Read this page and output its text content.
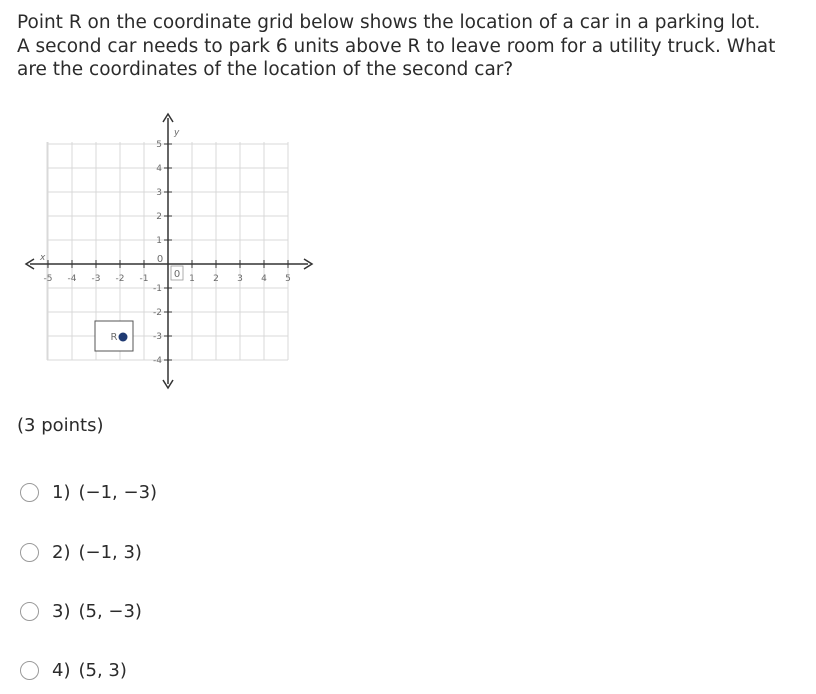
Point R on the coordinate grid below shows the location of a car in a parking lot. A second car needs to park 6 units above R to leave room for a utility truck. What are the coordinates of the location of the second car?

-5 -4 -3 -2 -1	1 2 3 4 5
-4
-3
-2
-1
1
2
3
4
5
x
y
0
0
R

(3 points)

1) (−1, −3)
2) (−1, 3)
3) (5, −3)
4) (5, 3)
